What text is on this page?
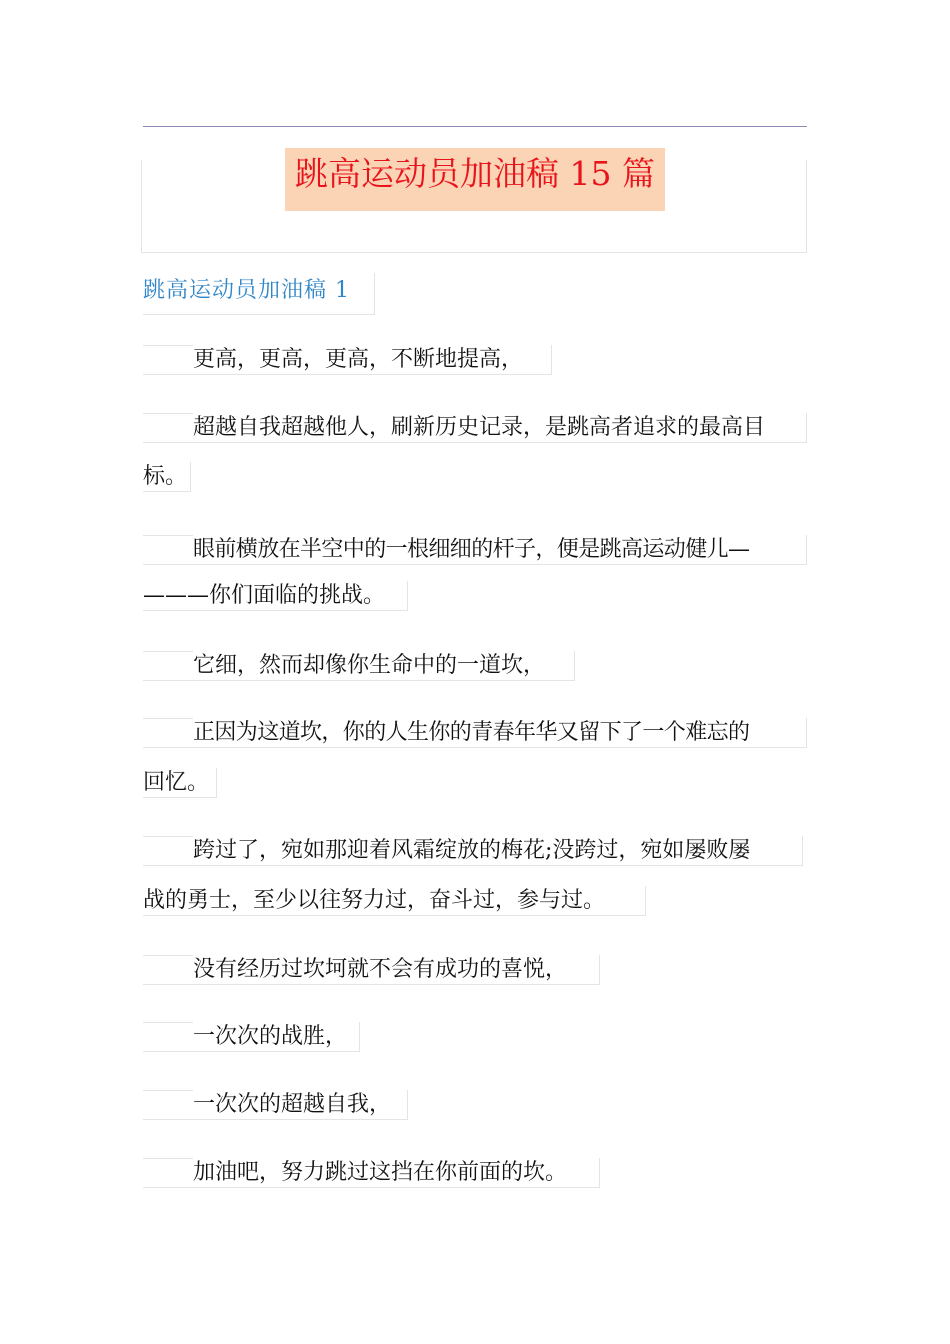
跳高运动员加油稿 15 篇
跳高运动员加油稿 1
更高，更高，更高，不断地提高，
超越自我超越他人，刷新历史记录，是跳高者追求的最高目
标。
眼前横放在半空中的一根细细的杆子，便是跳高运动健儿—
———你们面临的挑战。
它细，然而却像你生命中的一道坎，
正因为这道坎，你的人生你的青春年华又留下了一个难忘的
回忆。
跨过了，宛如那迎着风霜绽放的梅花;没跨过，宛如屡败屡
战的勇士，至少以往努力过，奋斗过，参与过。
没有经历过坎坷就不会有成功的喜悦，
一次次的战胜，
一次次的超越自我，
加油吧，努力跳过这挡在你前面的坎。
